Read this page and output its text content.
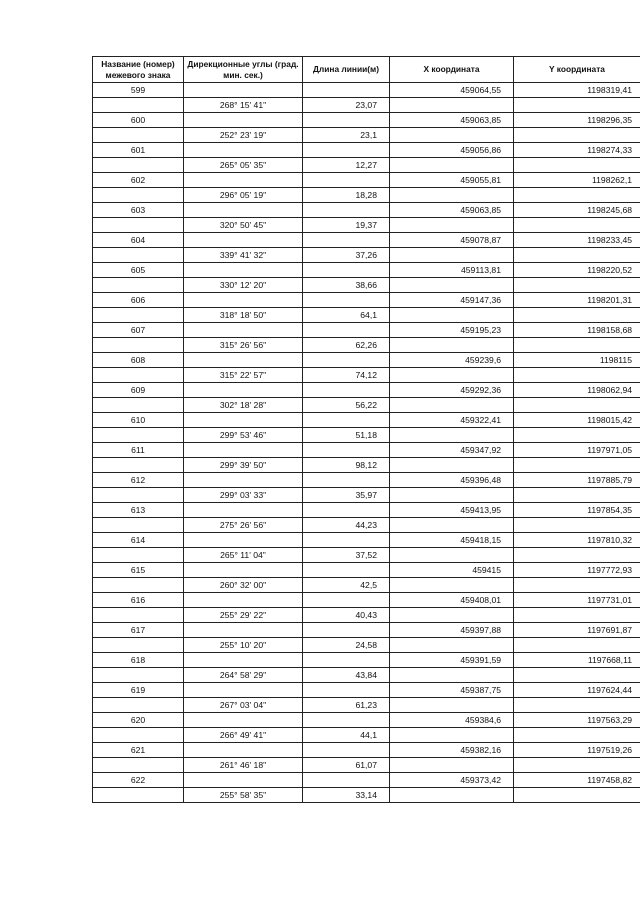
Название (номер) межевого знака	Дирекционные углы (град. мин. сек.)	Длина линии(м)	Х координата	Y координата
599			459064,55	1198319,41
	268° 15' 41"	23,07		
600			459063,85	1198296,35
	252° 23' 19"	23,1		
601			459056,86	1198274,33
	265° 05' 35"	12,27		
602			459055,81	1198262,1
	296° 05' 19"	18,28		
603			459063,85	1198245,68
	320° 50' 45"	19,37		
604			459078,87	1198233,45
	339° 41' 32"	37,26		
605			459113,81	1198220,52
	330° 12' 20"	38,66		
606			459147,36	1198201,31
	318° 18' 50"	64,1		
607			459195,23	1198158,68
	315° 26' 56"	62,26		
608			459239,6	1198115
	315° 22' 57"	74,12		
609			459292,36	1198062,94
	302° 18' 28"	56,22		
610			459322,41	1198015,42
	299° 53' 46"	51,18		
611			459347,92	1197971,05
	299° 39' 50"	98,12		
612			459396,48	1197885,79
	299° 03' 33"	35,97		
613			459413,95	1197854,35
	275° 26' 56"	44,23		
614			459418,15	1197810,32
	265° 11' 04"	37,52		
615			459415	1197772,93
	260° 32' 00"	42,5		
616			459408,01	1197731,01
	255° 29' 22"	40,43		
617			459397,88	1197691,87
	255° 10' 20"	24,58		
618			459391,59	1197668,11
	264° 58' 29"	43,84		
619			459387,75	1197624,44
	267° 03' 04"	61,23		
620			459384,6	1197563,29
	266° 49' 41"	44,1		
621			459382,16	1197519,26
	261° 46' 18"	61,07		
622			459373,42	1197458,82
	255° 58' 35"	33,14		
